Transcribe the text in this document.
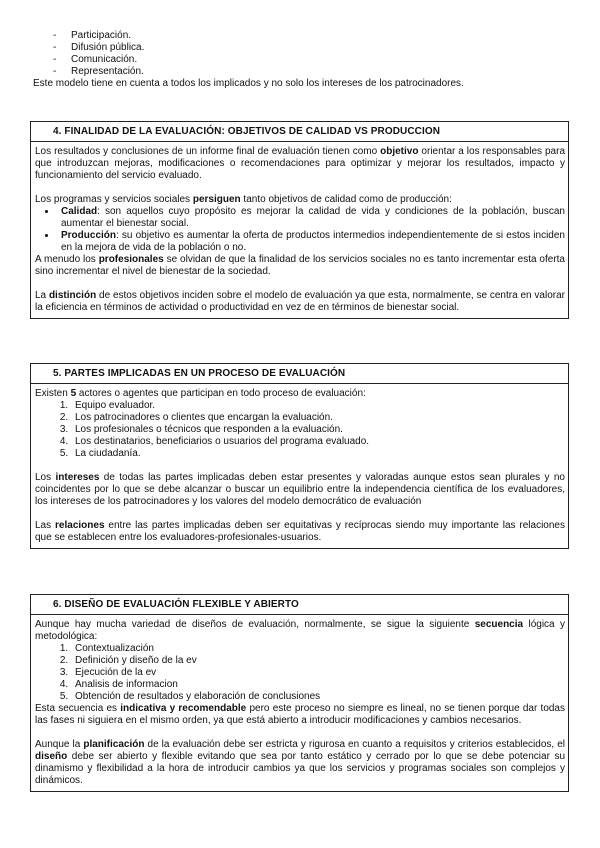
- Participación.
- Difusión pública.
- Comunicación.
- Representación.

Este modelo tiene en cuenta a todos los implicados y no solo los intereses de los patrocinadores.

4. FINALIDAD DE LA EVALUACIÓN: OBJETIVOS DE CALIDAD VS PRODUCCION

Los resultados y conclusiones de un informe final de evaluación tienen como objetivo orientar a los responsables para que introduzcan mejoras, modificaciones o recomendaciones para optimizar y mejorar los resultados, impacto y funcionamiento del servicio evaluado.

Los programas y servicios sociales persiguen tanto objetivos de calidad como de producción:

• Calidad: son aquellos cuyo propósito es mejorar la calidad de vida y condiciones de la población, buscan aumentar el bienestar social.
• Producción: su objetivo es aumentar la oferta de productos intermedios independientemente de si estos inciden en la mejora de vida de la población o no.

A menudo los profesionales se olvidan de que la finalidad de los servicios sociales no es tanto incrementar esta oferta sino incrementar el nivel de bienestar de la sociedad.

La distinción de estos objetivos inciden sobre el modelo de evaluación ya que esta, normalmente, se centra en valorar la eficiencia en términos de actividad o productividad en vez de en términos de bienestar social.

5. PARTES IMPLICADAS EN UN PROCESO DE EVALUACIÓN

Existen 5 actores o agentes que participan en todo proceso de evaluación:

1. Equipo evaluador.
2. Los patrocinadores o clientes que encargan la evaluación.
3. Los profesionales o técnicos que responden a la evaluación.
4. Los destinatarios, beneficiarios o usuarios del programa evaluado.
5. La ciudadanía.

Los intereses de todas las partes implicadas deben estar presentes y valoradas aunque estos sean plurales y no coincidentes por lo que se debe alcanzar o buscar un equilibrio entre la independencia científica de los evaluadores, los intereses de los patrocinadores y los valores del modelo democrático de evaluación

Las relaciones entre las partes implicadas deben ser equitativas y recíprocas siendo muy importante las relaciones que se establecen entre los evaluadores-profesionales-usuarios.

6. DISEÑO DE EVALUACIÓN FLEXIBLE Y ABIERTO

Aunque hay mucha variedad de diseños de evaluación, normalmente, se sigue la siguiente secuencia lógica y metodológica:

1. Contextualización
2. Definición y diseño de la ev
3. Ejecución de la ev
4. Analisis de informacion
5. Obtención de resultados y elaboración de conclusiones

Esta secuencia es indicativa y recomendable pero este proceso no siempre es lineal, no se tienen porque dar todas las fases ni siguiera en el mismo orden, ya que está abierto a introducir modificaciones y cambios necesarios.

Aunque la planificación de la evaluación debe ser estricta y rigurosa en cuanto a requisitos y criterios establecidos, el diseño debe ser abierto y flexible evitando que sea por tanto estático y cerrado por lo que se debe potenciar su dinamismo y flexibilidad a la hora de introducir cambios ya que los servicios y programas sociales son complejos y dinámicos.
